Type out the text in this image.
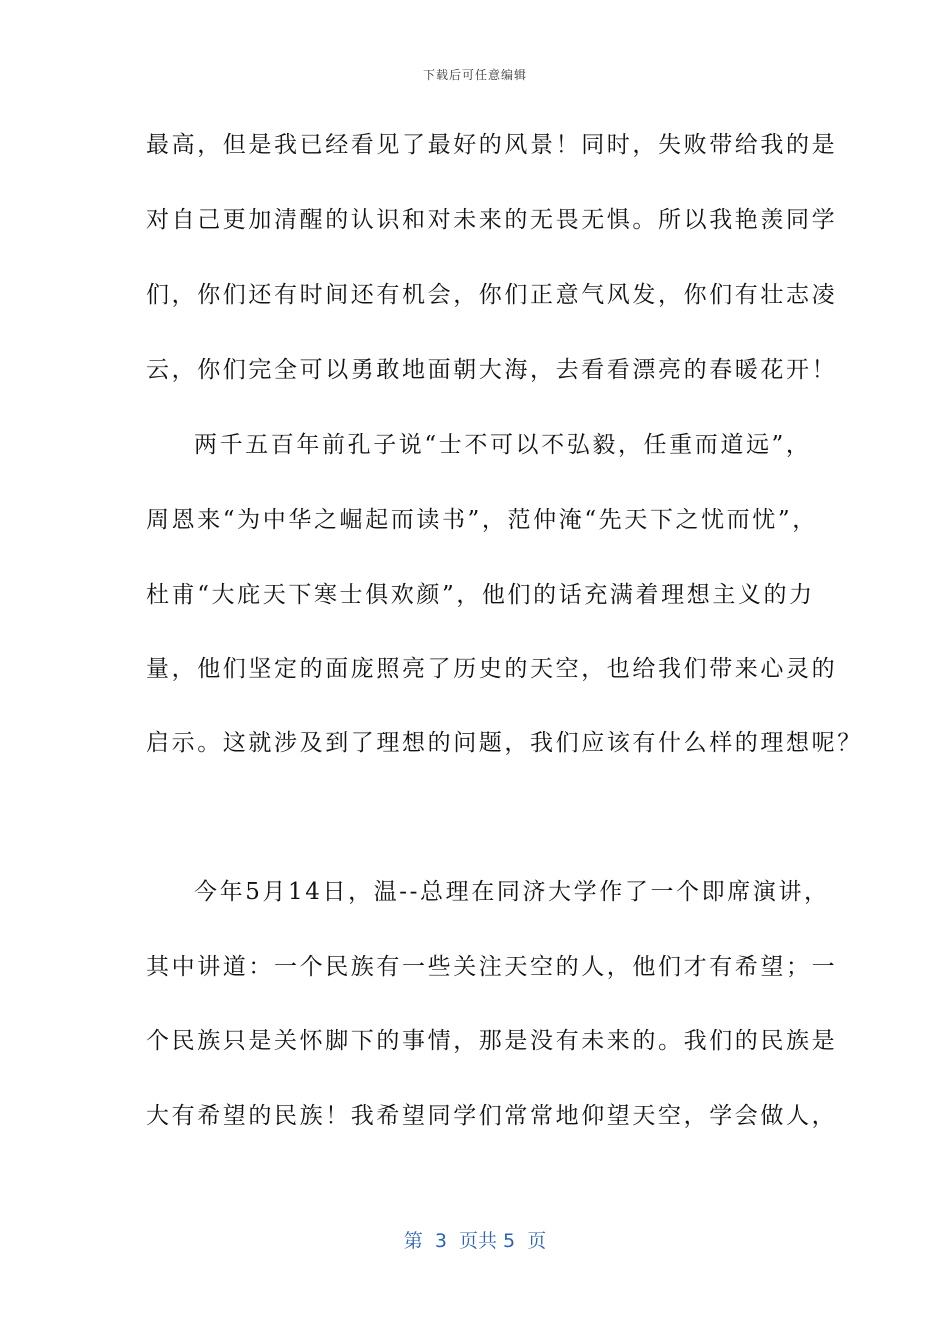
下载后可任意编辑
最高，但是我已经看见了最好的风景！同时，失败带给我的是
对自己更加清醒的认识和对未来的无畏无惧。所以我艳羡同学
们，你们还有时间还有机会，你们正意气风发，你们有壮志凌
云，你们完全可以勇敢地面朝大海，去看看漂亮的春暖花开！
两千五百年前孔子说“士不可以不弘毅，任重而道远”，
周恩来“为中华之崛起而读书”，范仲淹“先天下之忧而忧”，
杜甫“大庇天下寒士俱欢颜”，他们的话充满着理想主义的力
量，他们坚定的面庞照亮了历史的天空，也给我们带来心灵的
启示。这就涉及到了理想的问题，我们应该有什么样的理想呢？
今年5月14日，温--总理在同济大学作了一个即席演讲，
其中讲道：一个民族有一些关注天空的人，他们才有希望；一
个民族只是关怀脚下的事情，那是没有未来的。我们的民族是
大有希望的民族！我希望同学们常常地仰望天空，学会做人，
第  3  页共 5  页
